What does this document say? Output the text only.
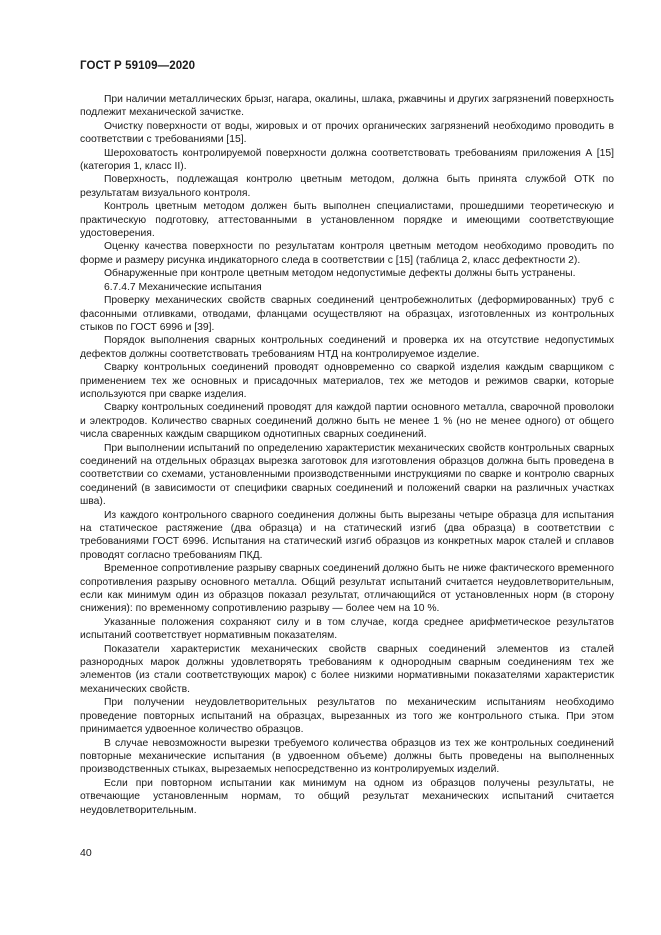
ГОСТ Р 59109—2020

При наличии металлических брызг, нагара, окалины, шлака, ржавчины и других загрязнений поверхность подлежит механической зачистке.

Очистку поверхности от воды, жировых и от прочих органических загрязнений необходимо проводить в соответствии с требованиями [15].

Шероховатость контролируемой поверхности должна соответствовать требованиям приложения А [15] (категория 1, класс II).

Поверхность, подлежащая контролю цветным методом, должна быть принята службой ОТК по результатам визуального контроля.

Контроль цветным методом должен быть выполнен специалистами, прошедшими теоретическую и практическую подготовку, аттестованными в установленном порядке и имеющими соответствующие удостоверения.

Оценку качества поверхности по результатам контроля цветным методом необходимо проводить по форме и размеру рисунка индикаторного следа в соответствии с [15] (таблица 2, класс дефектности 2).

Обнаруженные при контроле цветным методом недопустимые дефекты должны быть устранены.

6.7.4.7 Механические испытания

Проверку механических свойств сварных соединений центробежнолитых (деформированных) труб с фасонными отливками, отводами, фланцами осуществляют на образцах, изготовленных из контрольных стыков по ГОСТ 6996 и [39].

Порядок выполнения сварных контрольных соединений и проверка их на отсутствие недопустимых дефектов должны соответствовать требованиям НТД на контролируемое изделие.

Сварку контрольных соединений проводят одновременно со сваркой изделия каждым сварщиком с применением тех же основных и присадочных материалов, тех же методов и режимов сварки, которые используются при сварке изделия.

Сварку контрольных соединений проводят для каждой партии основного металла, сварочной проволоки и электродов. Количество сварных соединений должно быть не менее 1 % (но не менее одного) от общего числа сваренных каждым сварщиком однотипных сварных соединений.

При выполнении испытаний по определению характеристик механических свойств контрольных сварных соединений на отдельных образцах вырезка заготовок для изготовления образцов должна быть проведена в соответствии со схемами, установленными производственными инструкциями по сварке и контролю сварных соединений (в зависимости от специфики сварных соединений и положений сварки на различных участках шва).

Из каждого контрольного сварного соединения должны быть вырезаны четыре образца для испытания на статическое растяжение (два образца) и на статический изгиб (два образца) в соответствии с требованиями ГОСТ 6996. Испытания на статический изгиб образцов из конкретных марок сталей и сплавов проводят согласно требованиям ПКД.

Временное сопротивление разрыву сварных соединений должно быть не ниже фактического временного сопротивления разрыву основного металла. Общий результат испытаний считается неудовлетворительным, если как минимум один из образцов показал результат, отличающийся от установленных норм (в сторону снижения): по временному сопротивлению разрыву — более чем на 10 %.

Указанные положения сохраняют силу и в том случае, когда среднее арифметическое результатов испытаний соответствует нормативным показателям.

Показатели характеристик механических свойств сварных соединений элементов из сталей разнородных марок должны удовлетворять требованиям к однородным сварным соединениям тех же элементов (из стали соответствующих марок) с более низкими нормативными показателями характеристик механических свойств.

При получении неудовлетворительных результатов по механическим испытаниям необходимо проведение повторных испытаний на образцах, вырезанных из того же контрольного стыка. При этом принимается удвоенное количество образцов.

В случае невозможности вырезки требуемого количества образцов из тех же контрольных соединений повторные механические испытания (в удвоенном объеме) должны быть проведены на выполненных производственных стыках, вырезаемых непосредственно из контролируемых изделий.

Если при повторном испытании как минимум на одном из образцов получены результаты, не отвечающие установленным нормам, то общий результат механических испытаний считается неудовлетворительным.

40
